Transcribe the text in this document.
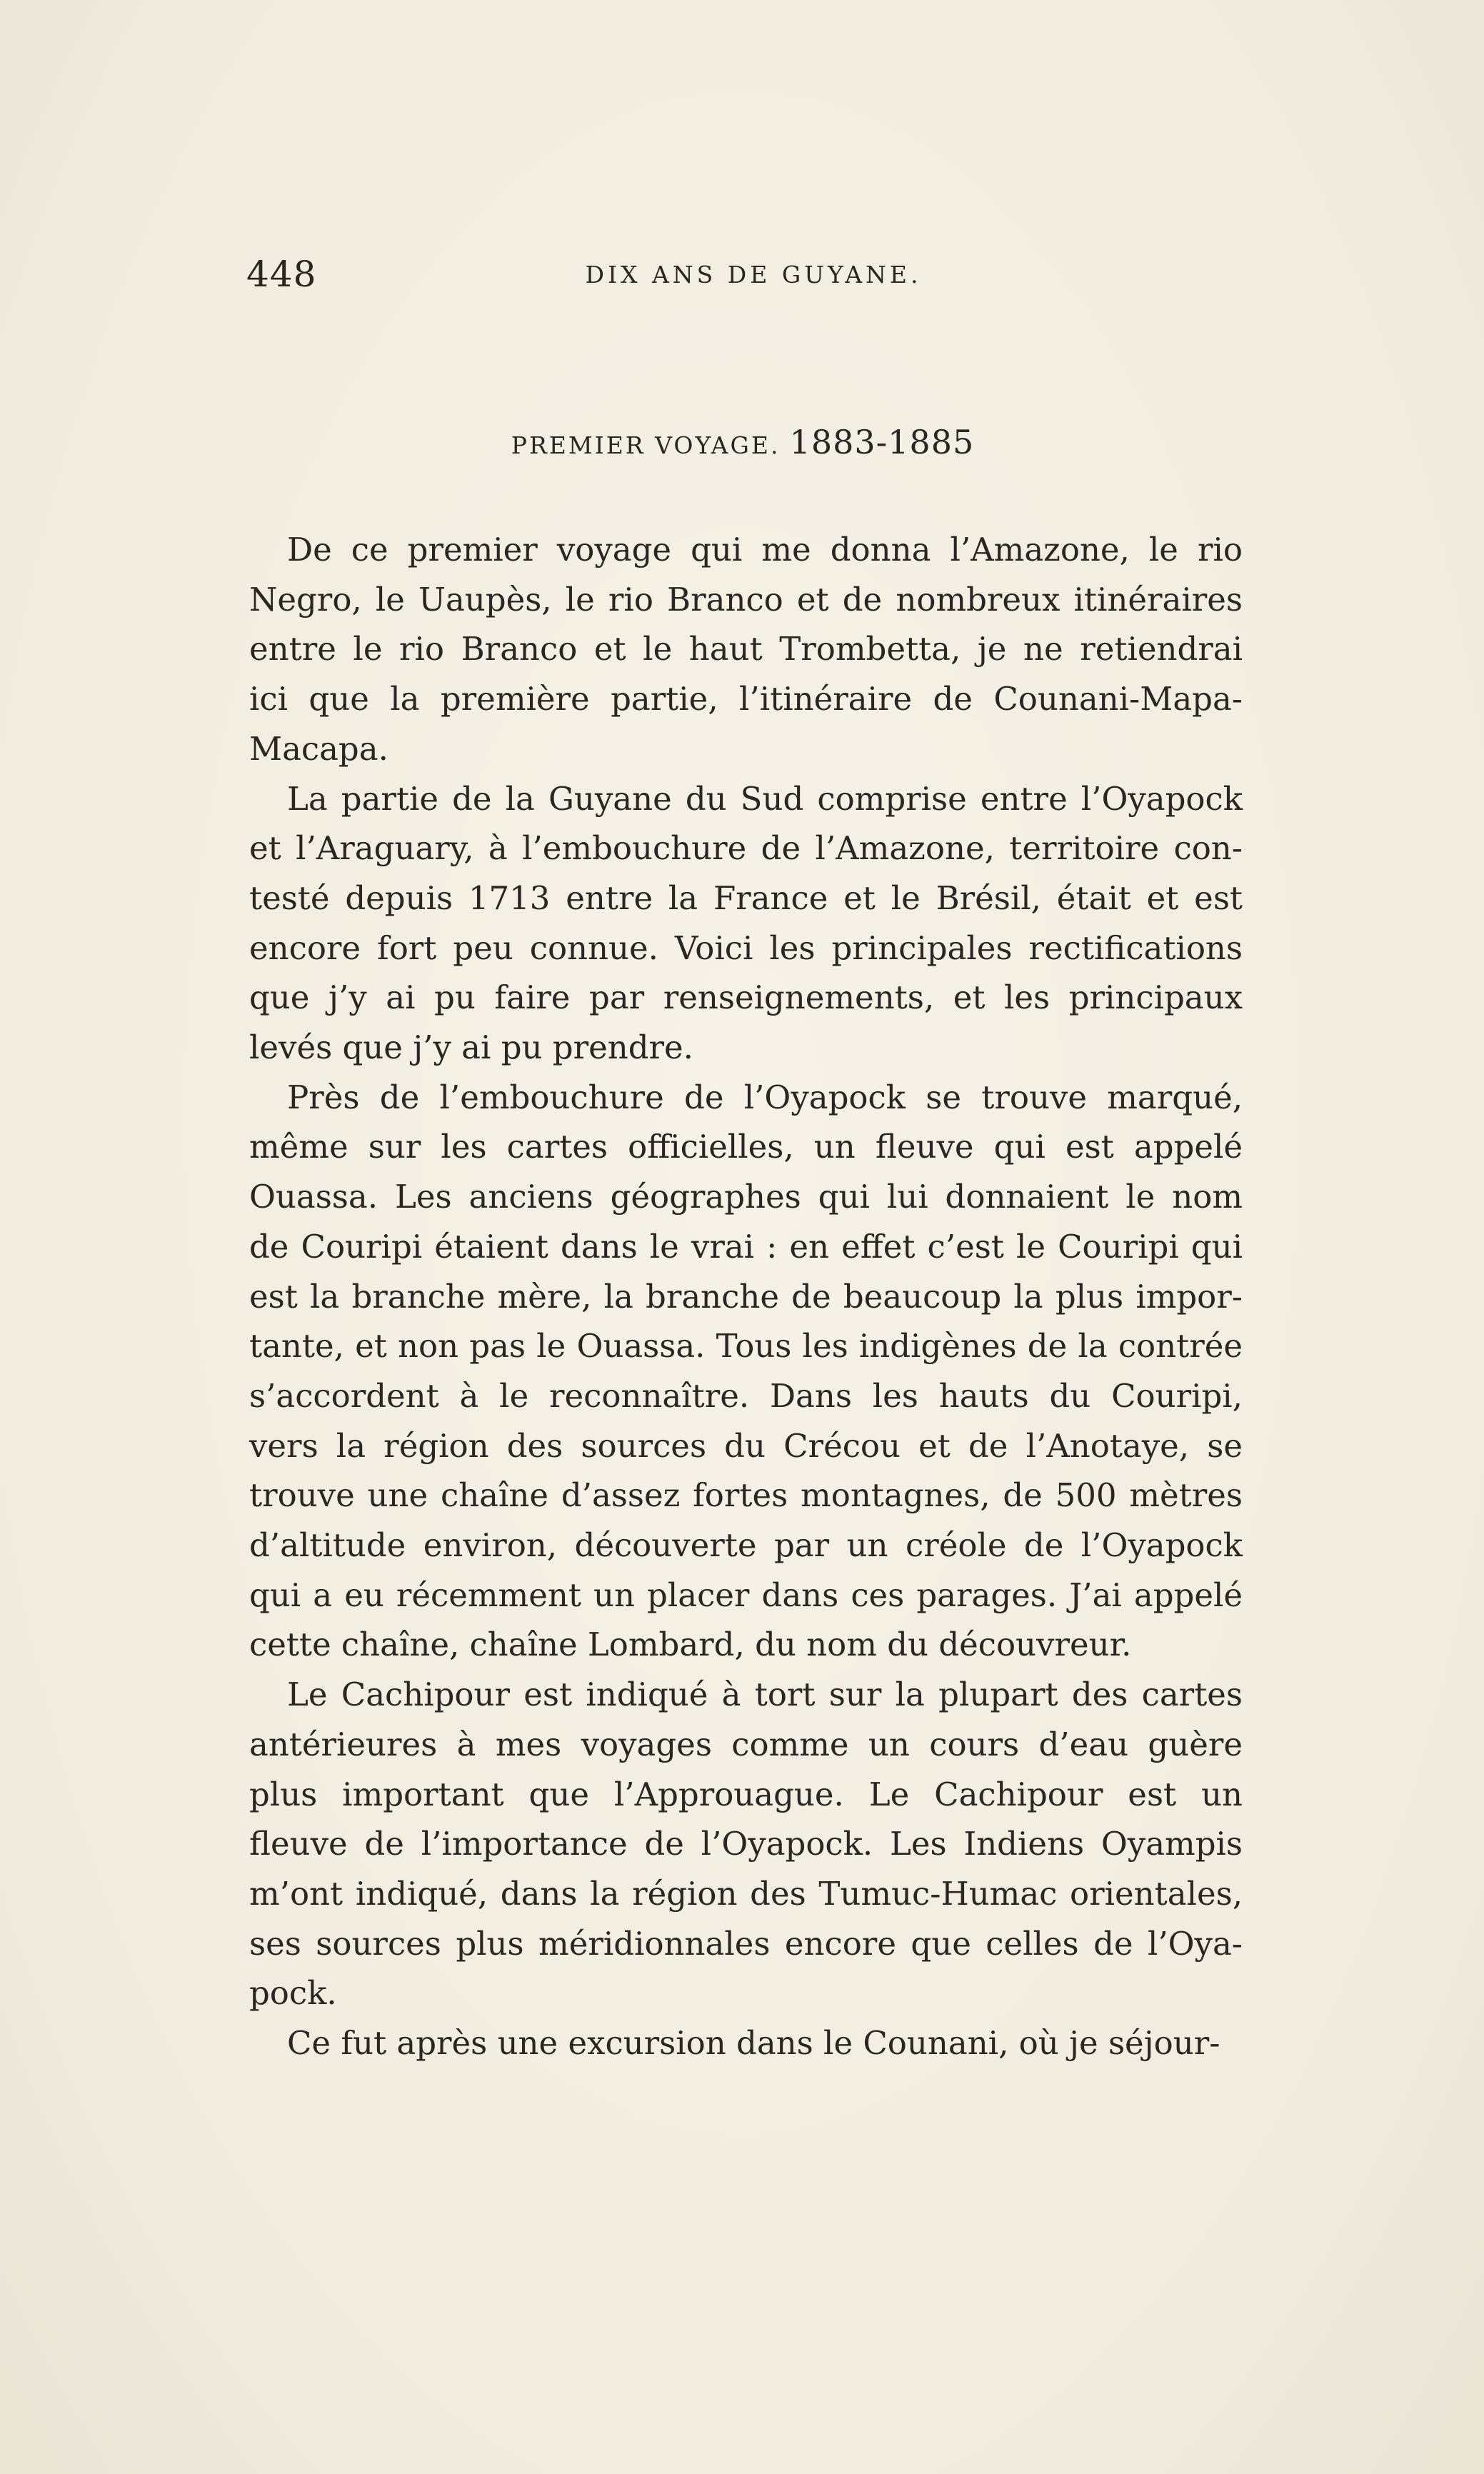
448	DIX ANS DE GUYANE.
PREMIER VOYAGE. 1883-1885

De ce premier voyage qui me donna l’Amazone, le rio

Negro, le Uaupès, le rio Branco et de nombreux itinéraires

entre le rio Branco et le haut Trombetta, je ne retiendrai

ici que la première partie, l’itinéraire de Counani-Mapa-

Macapa.

La partie de la Guyane du Sud comprise entre l’Oyapock

et l’Araguary, à l’embouchure de l’Amazone, territoire con-

testé depuis 1713 entre la France et le Brésil, était et est

encore fort peu connue. Voici les principales rectifications

que j’y ai pu faire par renseignements, et les principaux

levés que j’y ai pu prendre.

Près de l’embouchure de l’Oyapock se trouve marqué,

même sur les cartes officielles, un fleuve qui est appelé

Ouassa. Les anciens géographes qui lui donnaient le nom

de Couripi étaient dans le vrai : en effet c’est le Couripi qui

est la branche mère, la branche de beaucoup la plus impor-

tante, et non pas le Ouassa. Tous les indigènes de la contrée

s’accordent à le reconnaître. Dans les hauts du Couripi,

vers la région des sources du Crécou et de l’Anotaye, se

trouve une chaîne d’assez fortes montagnes, de 500 mètres

d’altitude environ, découverte par un créole de l’Oyapock

qui a eu récemment un placer dans ces parages. J’ai appelé

cette chaîne, chaîne Lombard, du nom du découvreur.

Le Cachipour est indiqué à tort sur la plupart des cartes

antérieures à mes voyages comme un cours d’eau guère

plus important que l’Approuague. Le Cachipour est un

fleuve de l’importance de l’Oyapock. Les Indiens Oyampis

m’ont indiqué, dans la région des Tumuc-Humac orientales,

ses sources plus méridionnales encore que celles de l’Oya-

pock.

Ce fut après une excursion dans le Counani, où je séjour-
